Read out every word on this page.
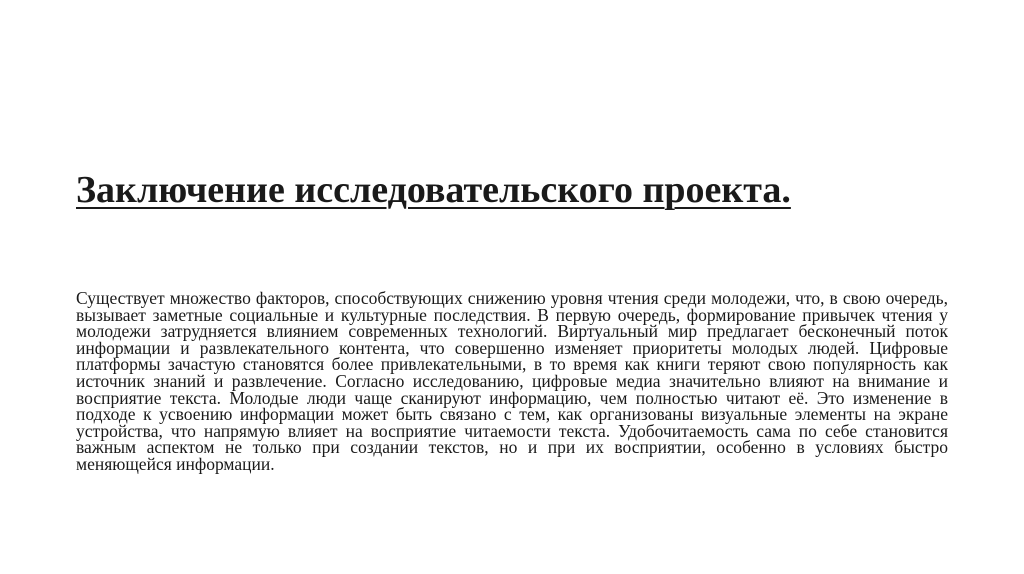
Заключение исследовательского проекта.

Существует множество факторов, способствующих снижению уровня чтения среди молодежи, что, в свою очередь, вызывает заметные социальные и культурные последствия. В первую очередь, формирование привычек чтения у молодежи затрудняется влиянием современных технологий. Виртуальный мир предлагает бесконечный поток информации и развлекательного контента, что совершенно изменяет приоритеты молодых людей. Цифровые платформы зачастую становятся более привлекательными, в то время как книги теряют свою популярность как источник знаний и развлечение. Согласно исследованию, цифровые медиа значительно влияют на внимание и восприятие текста. Молодые люди чаще сканируют информацию, чем полностью читают её. Это изменение в подходе к усвоению информации может быть связано с тем, как организованы визуальные элементы на экране устройства, что напрямую влияет на восприятие читаемости текста. Удобочитаемость сама по себе становится важным аспектом не только при создании текстов, но и при их восприятии, особенно в условиях быстро меняющейся информации.
